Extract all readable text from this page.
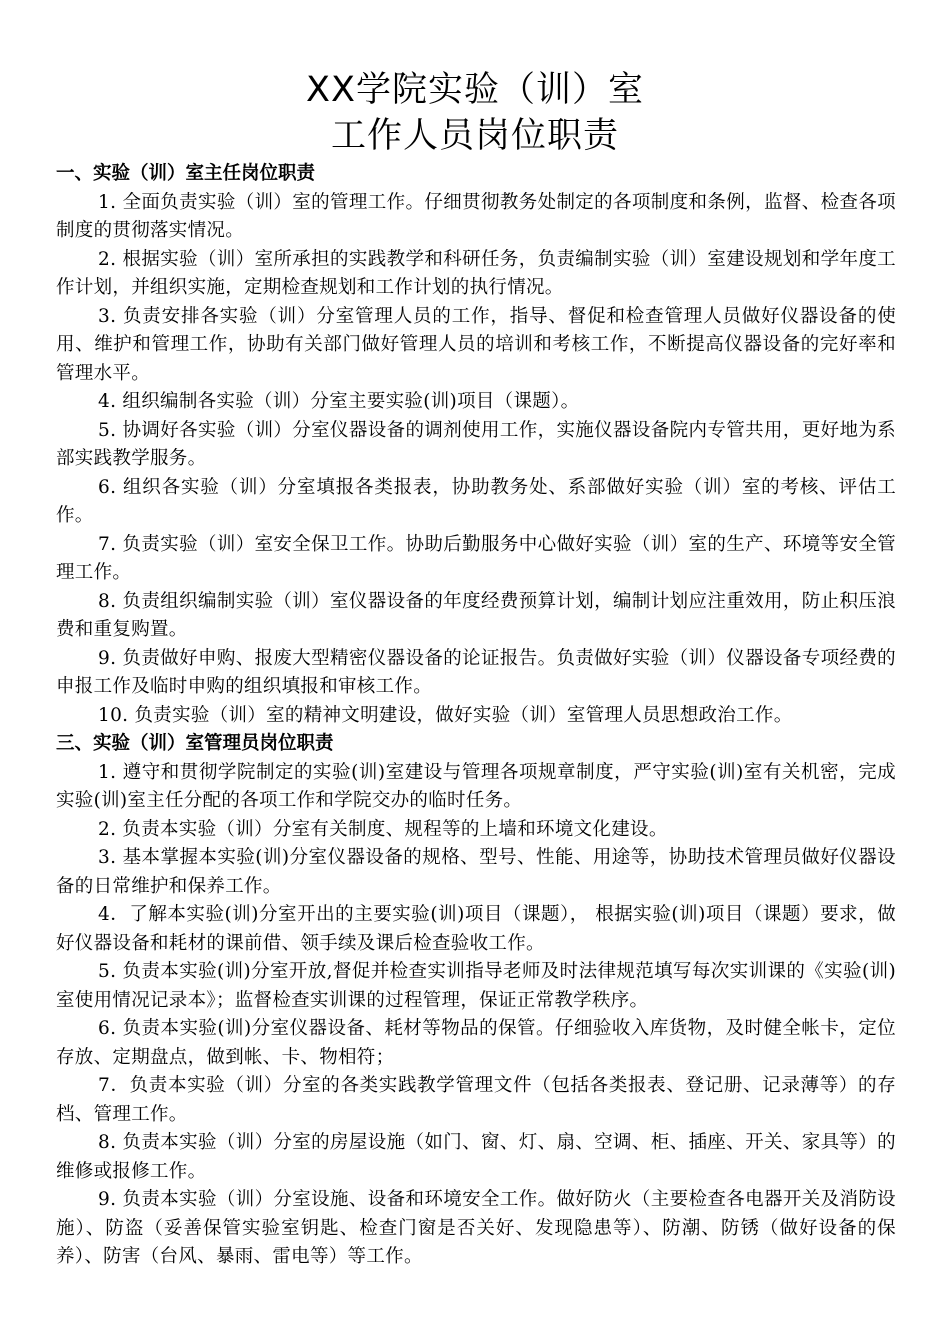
XX学院实验（训）室
工作人员岗位职责

一、实验（训）室主任岗位职责

1. 全面负责实验（训）室的管理工作。仔细贯彻教务处制定的各项制度和条例，监督、检查各项制度的贯彻落实情况。

2. 根据实验（训）室所承担的实践教学和科研任务，负责编制实验（训）室建设规划和学年度工作计划，并组织实施，定期检查规划和工作计划的执行情况。

3. 负责安排各实验（训）分室管理人员的工作，指导、督促和检查管理人员做好仪器设备的使用、维护和管理工作，协助有关部门做好管理人员的培训和考核工作，不断提高仪器设备的完好率和管理水平。

4. 组织编制各实验（训）分室主要实验(训)项目（课题）。

5. 协调好各实验（训）分室仪器设备的调剂使用工作，实施仪器设备院内专管共用，更好地为系部实践教学服务。

6. 组织各实验（训）分室填报各类报表，协助教务处、系部做好实验（训）室的考核、评估工作。

7. 负责实验（训）室安全保卫工作。协助后勤服务中心做好实验（训）室的生产、环境等安全管理工作。

8. 负责组织编制实验（训）室仪器设备的年度经费预算计划，编制计划应注重效用，防止积压浪费和重复购置。

9. 负责做好申购、报废大型精密仪器设备的论证报告。负责做好实验（训）仪器设备专项经费的申报工作及临时申购的组织填报和审核工作。

10. 负责实验（训）室的精神文明建设，做好实验（训）室管理人员思想政治工作。

三、实验（训）室管理员岗位职责

1. 遵守和贯彻学院制定的实验(训)室建设与管理各项规章制度，严守实验(训)室有关机密，完成实验(训)室主任分配的各项工作和学院交办的临时任务。

2. 负责本实验（训）分室有关制度、规程等的上墙和环境文化建设。

3. 基本掌握本实验(训)分室仪器设备的规格、型号、性能、用途等，协助技术管理员做好仪器设备的日常维护和保养工作。

4．了解本实验(训)分室开出的主要实验(训)项目（课题）， 根据实验(训)项目（课题）要求，做好仪器设备和耗材的课前借、领手续及课后检查验收工作。

5. 负责本实验(训)分室开放,督促并检查实训指导老师及时法律规范填写每次实训课的《实验(训)室使用情况记录本》；监督检查实训课的过程管理，保证正常教学秩序。

6. 负责本实验(训)分室仪器设备、耗材等物品的保管。仔细验收入库货物，及时健全帐卡，定位存放、定期盘点，做到帐、卡、物相符；

7．负责本实验（训）分室的各类实践教学管理文件（包括各类报表、登记册、记录薄等）的存档、管理工作。

8. 负责本实验（训）分室的房屋设施（如门、窗、灯、扇、空调、柜、插座、开关、家具等）的维修或报修工作。

9. 负责本实验（训）分室设施、设备和环境安全工作。做好防火（主要检查各电器开关及消防设施）、防盗（妥善保管实验室钥匙、检查门窗是否关好、发现隐患等）、防潮、防锈（做好设备的保养）、防害（台风、暴雨、雷电等）等工作。
